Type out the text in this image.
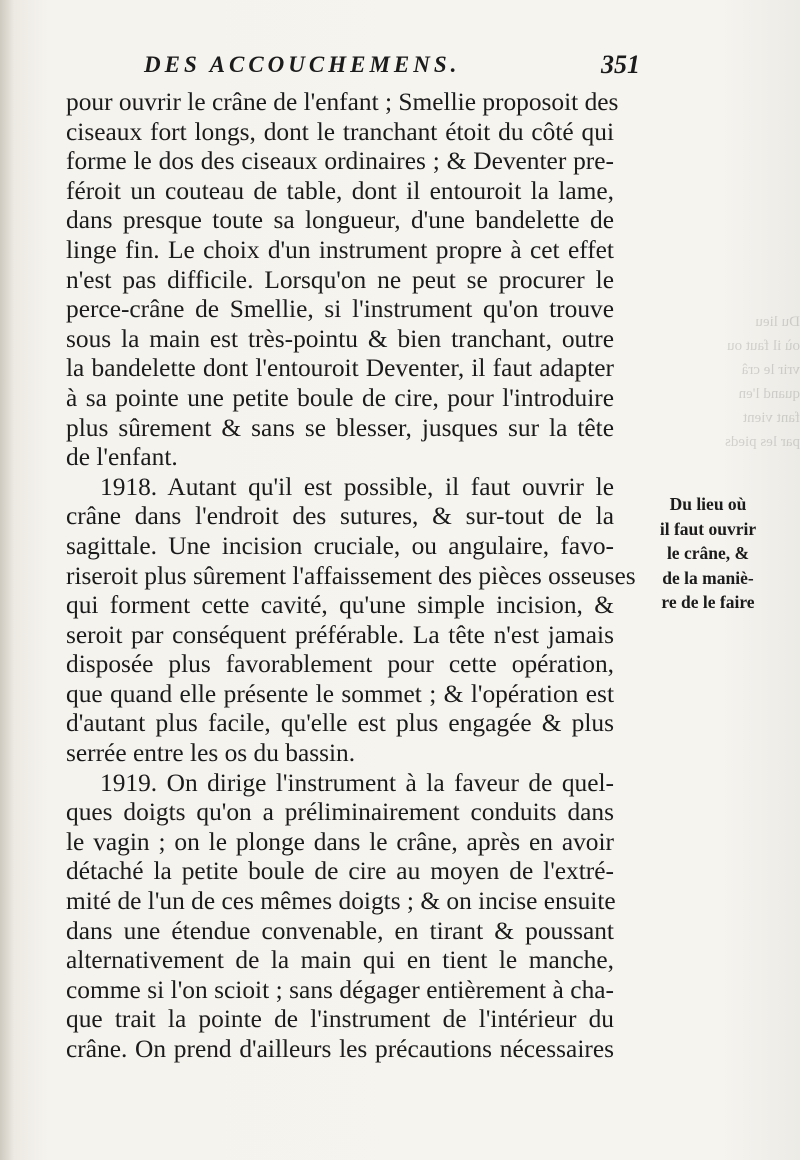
DES ACCOUCHEMENS.	351
Du lieu
où il faut ou
vrir le crâ
quand l'en
fant vient
par les pieds
pour ouvrir le crâne de l'enfant ; Smellie proposoit des
ciseaux fort longs, dont le tranchant étoit du côté qui
forme le dos des ciseaux ordinaires ; & Deventer pre-
féroit un couteau de table, dont il entouroit la lame,
dans presque toute sa longueur, d'une bandelette de
linge fin. Le choix d'un instrument propre à cet effet
n'est pas difficile. Lorsqu'on ne peut se procurer le
perce-crâne de Smellie, si l'instrument qu'on trouve
sous la main est très-pointu & bien tranchant, outre
la bandelette dont l'entouroit Deventer, il faut adapter
à sa pointe une petite boule de cire, pour l'introduire
plus sûrement & sans se blesser, jusques sur la tête
de l'enfant.
1918. Autant qu'il est possible, il faut ouvrir le
crâne dans l'endroit des sutures, & sur-tout de la
sagittale. Une incision cruciale, ou angulaire, favo-
riseroit plus sûrement l'affaissement des pièces osseuses
qui forment cette cavité, qu'une simple incision, &
seroit par conséquent préférable. La tête n'est jamais
disposée plus favorablement pour cette opération,
que quand elle présente le sommet ; & l'opération est
d'autant plus facile, qu'elle est plus engagée & plus
serrée entre les os du bassin.
1919. On dirige l'instrument à la faveur de quel-
ques doigts qu'on a préliminairement conduits dans
le vagin ; on le plonge dans le crâne, après en avoir
détaché la petite boule de cire au moyen de l'extré-
mité de l'un de ces mêmes doigts ; & on incise ensuite
dans une étendue convenable, en tirant & poussant
alternativement de la main qui en tient le manche,
comme si l'on scioit ; sans dégager entièrement à cha-
que trait la pointe de l'instrument de l'intérieur du
crâne. On prend d'ailleurs les précautions nécessaires
Du lieu où
il faut ouvrir
le crâne, &
de la maniè-
re de le faire
